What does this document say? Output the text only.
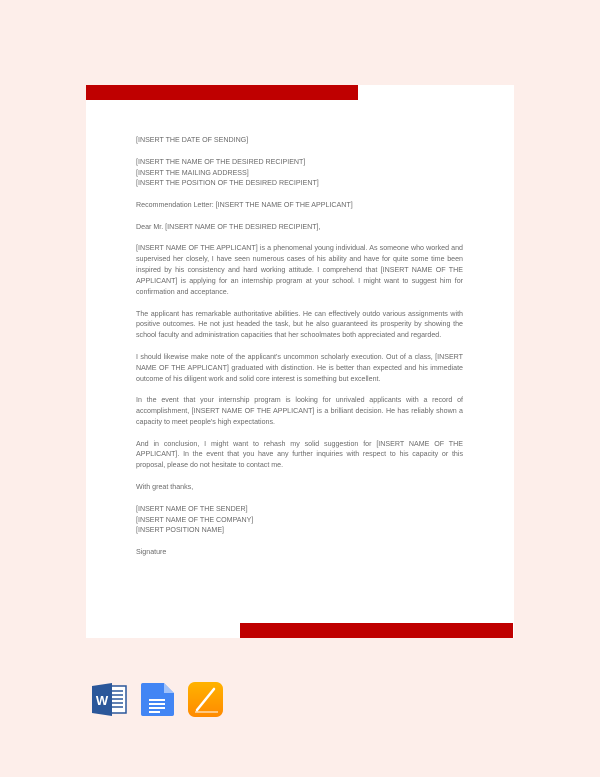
[INSERT THE DATE OF SENDING]

[INSERT THE NAME OF THE DESIRED RECIPIENT]
[INSERT THE MAILING ADDRESS]
[INSERT THE POSITION OF THE DESIRED RECIPIENT]

Recommendation Letter: [INSERT THE NAME OF THE APPLICANT]

Dear Mr. [INSERT NAME OF THE DESIRED RECIPIENT],

[INSERT NAME OF THE APPLICANT] is a phenomenal young individual. As someone who worked and supervised her closely, I have seen numerous cases of his ability and have for quite some time been inspired by his consistency and hard working attitude. I comprehend that [INSERT NAME OF THE APPLICANT] is applying for an internship program at your school. I might want to suggest him for confirmation and acceptance.

The applicant has remarkable authoritative abilities. He can effectively outdo various assignments with positive outcomes. He not just headed the task, but he also guaranteed its prosperity by showing the school faculty and administration capacities that her schoolmates both appreciated and regarded.

I should likewise make note of the applicant's uncommon scholarly execution. Out of a class, [INSERT NAME OF THE APPLICANT] graduated with distinction. He is better than expected and his immediate outcome of his diligent work and solid core interest is something but excellent.

In the event that your internship program is looking for unrivaled applicants with a record of accomplishment, [INSERT NAME OF THE APPLICANT] is a brilliant decision. He has reliably shown a capacity to meet people's high expectations.

And in conclusion, I might want to rehash my solid suggestion for [INSERT NAME OF THE APPLICANT]. In the event that you have any further inquiries with respect to his capacity or this proposal, please do not hesitate to contact me.

With great thanks,

[INSERT NAME OF THE SENDER]
[INSERT NAME OF THE COMPANY]
[INSERT POSITION NAME]

Signature

W
